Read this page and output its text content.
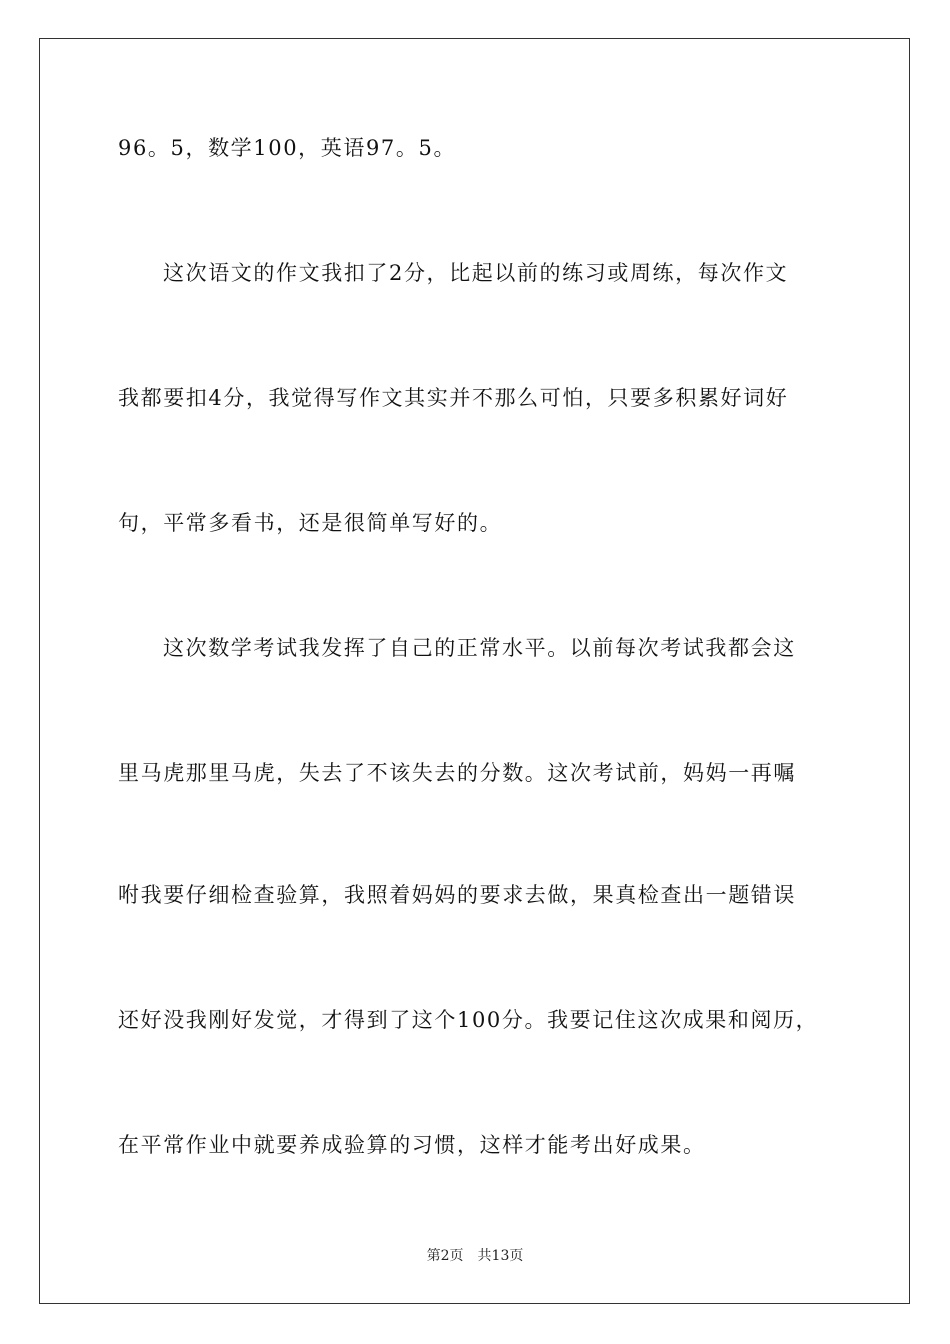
96。5，数学100，英语97。5。
这次语文的作文我扣了2分，比起以前的练习或周练，每次作文
我都要扣4分，我觉得写作文其实并不那么可怕，只要多积累好词好
句，平常多看书，还是很简单写好的。
这次数学考试我发挥了自己的正常水平。以前每次考试我都会这
里马虎那里马虎，失去了不该失去的分数。这次考试前，妈妈一再嘱
咐我要仔细检查验算，我照着妈妈的要求去做，果真检查出一题错误
还好没我刚好发觉，才得到了这个100分。我要记住这次成果和阅历，
在平常作业中就要养成验算的习惯，这样才能考出好成果。
第2页 共13页
